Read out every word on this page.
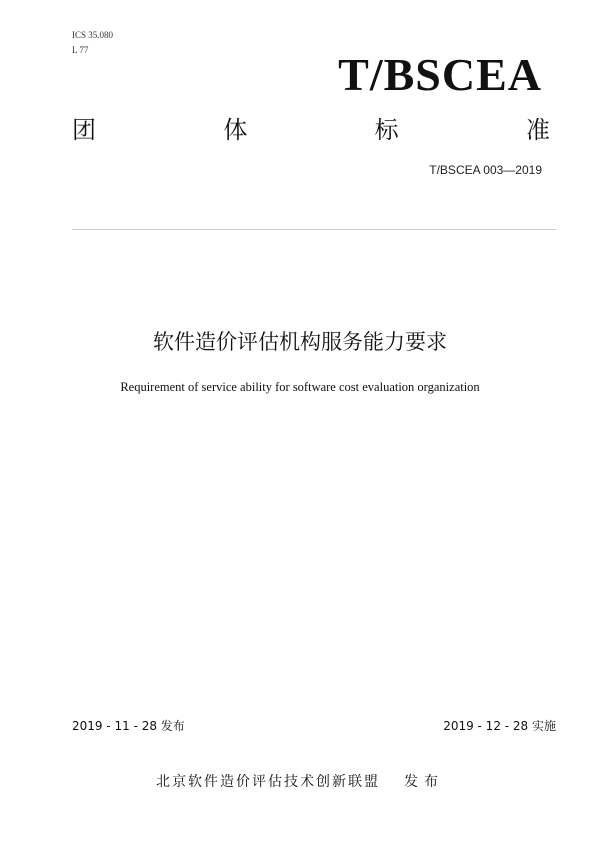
ICS 35.080
L 77	T/BSCEA
团	体	标	准
T/BSCEA 003—2019
软件造价评估机构服务能力要求
Requirement of service ability for software cost evaluation organization
2019 - 11 - 28 发布	2019 - 12 - 28 实施
北京软件造价评估技术创新联盟 发布
